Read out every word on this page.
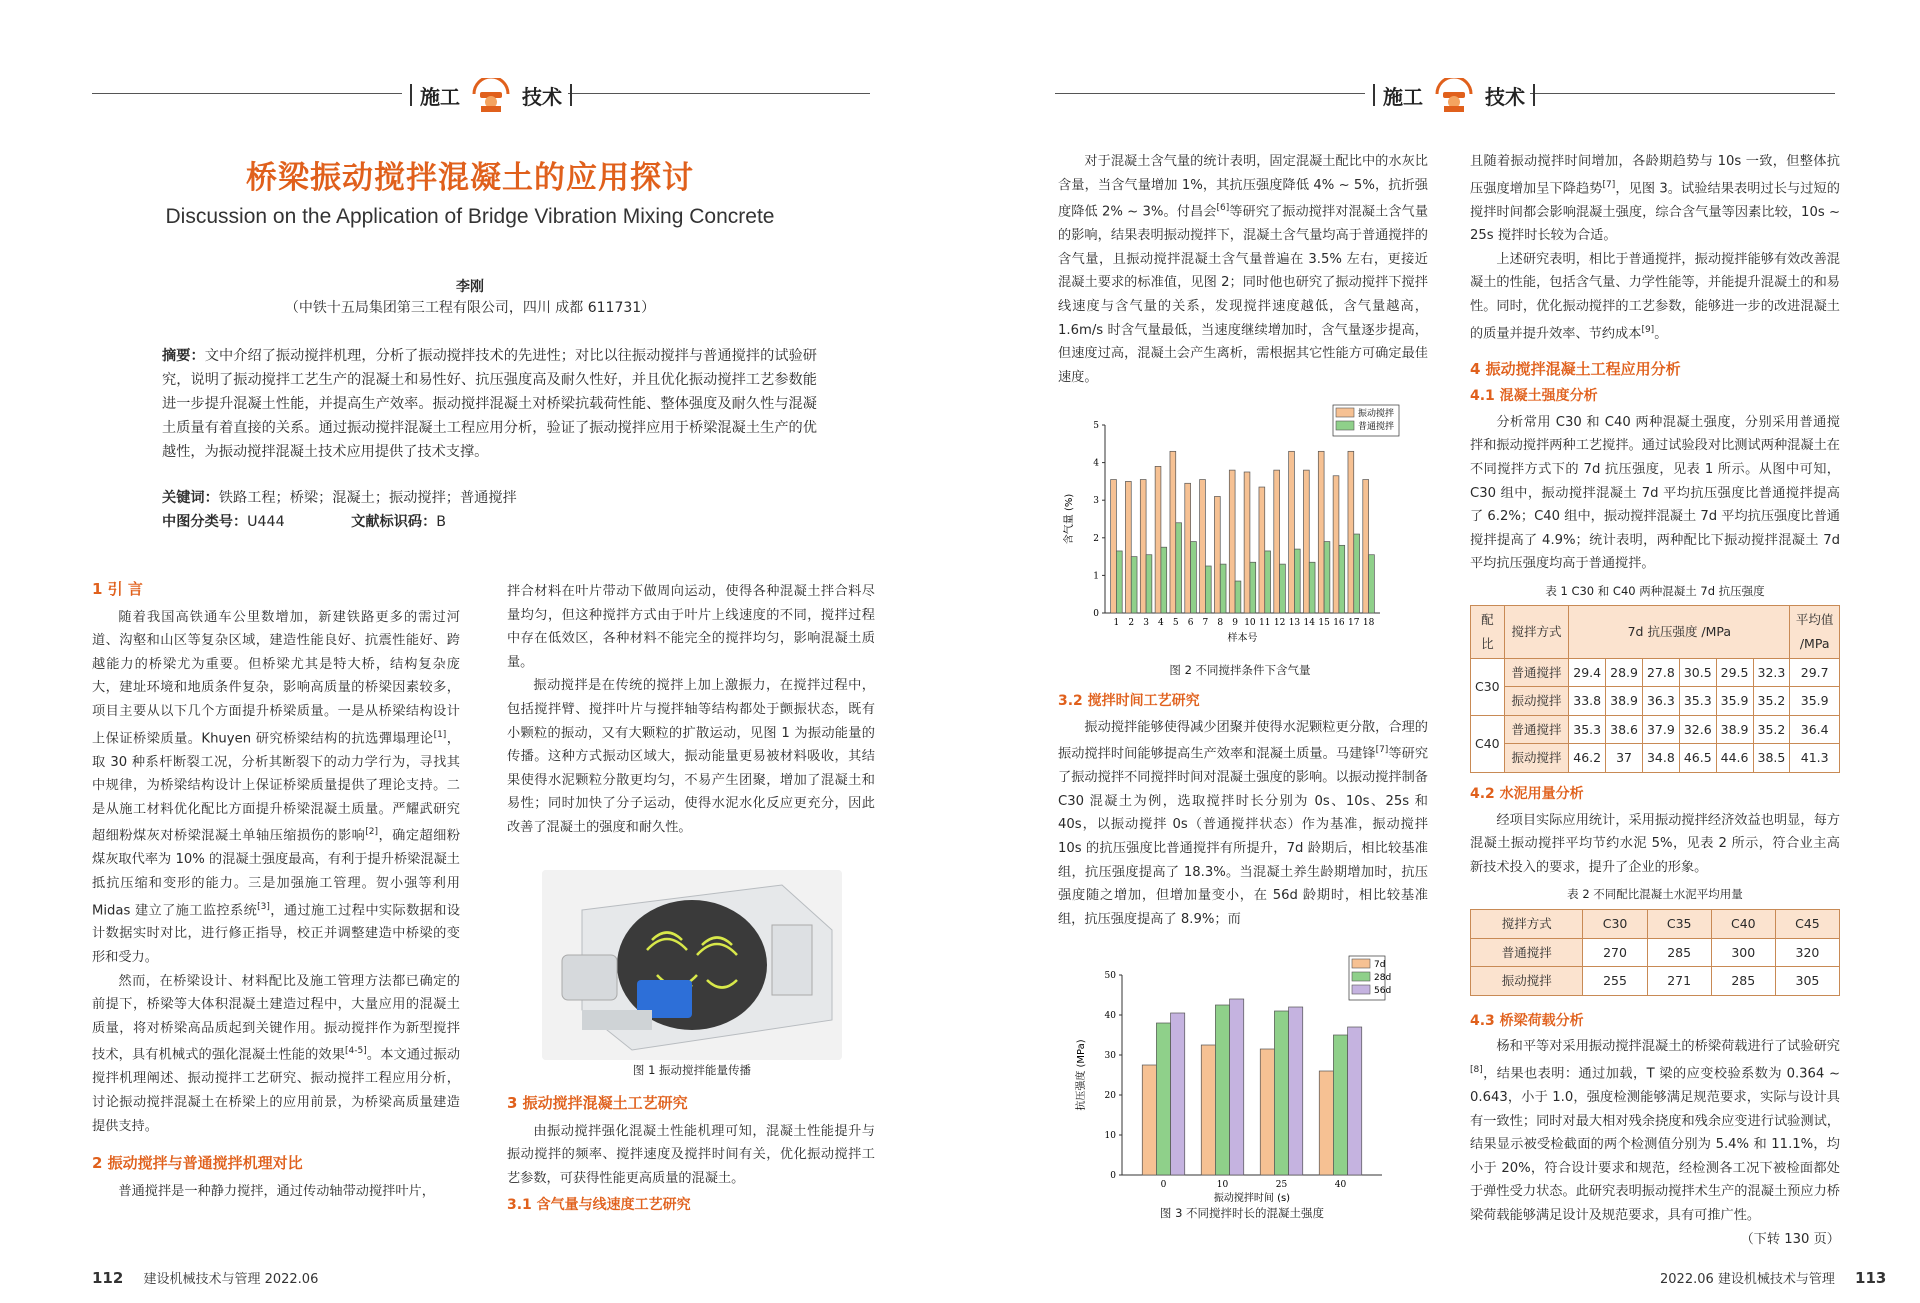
施工	技术	施工	技术
桥梁振动搅拌混凝土的应用探讨
Discussion on the Application of Bridge Vibration Mixing Concrete
李刚
（中铁十五局集团第三工程有限公司，四川 成都 611731）
摘要：文中介绍了振动搅拌机理，分析了振动搅拌技术的先进性；对比以往振动搅拌与普通搅拌的试验研究，说明了振动搅拌工艺生产的混凝土和易性好、抗压强度高及耐久性好，并且优化振动搅拌工艺参数能进一步提升混凝土性能，并提高生产效率。振动搅拌混凝土对桥梁抗载荷性能、整体强度及耐久性与混凝土质量有着直接的关系。通过振动搅拌混凝土工程应用分析，验证了振动搅拌应用于桥梁混凝土生产的优越性，为振动搅拌混凝土技术应用提供了技术支撑。
关键词：铁路工程；桥梁；混凝土；振动搅拌；普通搅拌
中图分类号：U444	文献标识码：B
1 引 言

随着我国高铁通车公里数增加，新建铁路更多的需过河道、沟壑和山区等复杂区域，建造性能良好、抗震性能好、跨越能力的桥梁尤为重要。但桥梁尤其是特大桥，结构复杂庞大，建址环境和地质条件复杂，影响高质量的桥梁因素较多，项目主要从以下几个方面提升桥梁质量。一是从桥梁结构设计上保证桥梁质量。Khuyen 研究桥梁结构的抗选彈塌理论[1]，取 30 种系杆断裂工况，分析其断裂下的动力学行为，寻找其中规律，为桥梁结构设计上保证桥梁质量提供了理论支持。二是从施工材料优化配比方面提升桥梁混凝土质量。严耀武研究超细粉煤灰对桥梁混凝土单轴压缩损伤的影响[2]，确定超细粉煤灰取代率为 10% 的混凝土强度最高，有利于提升桥梁混凝土抵抗压缩和变形的能力。三是加强施工管理。贺小强等利用 Midas 建立了施工监控系统[3]，通过施工过程中实际数据和设计数据实时对比，进行修正指导，校正并调整建造中桥梁的变形和受力。

然而，在桥梁设计、材料配比及施工管理方法都已确定的前提下，桥梁等大体积混凝土建造过程中，大量应用的混凝土质量，将对桥梁高品质起到关键作用。振动搅拌作为新型搅拌技术，具有机械式的强化混凝土性能的效果[4-5]。本文通过振动搅拌机理阐述、振动搅拌工艺研究、振动搅拌工程应用分析，讨论振动搅拌混凝土在桥梁上的应用前景，为桥梁高质量建造提供支持。

2 振动搅拌与普通搅拌机理对比

普通搅拌是一种静力搅拌，通过传动轴带动搅拌叶片，

拌合材料在叶片带动下做周向运动，使得各种混凝土拌合料尽量均匀，但这种搅拌方式由于叶片上线速度的不同，搅拌过程中存在低效区，各种材料不能完全的搅拌均匀，影响混凝土质量。

振动搅拌是在传统的搅拌上加上激振力，在搅拌过程中，包括搅拌臂、搅拌叶片与搅拌轴等结构都处于颤振状态，既有小颗粒的振动，又有大颗粒的扩散运动，见图 1 为振动能量的传播。这种方式振动区域大，振动能量更易被材料吸收，其结果使得水泥颗粒分散更均匀，不易产生团聚，增加了混凝土和易性；同时加快了分子运动，使得水泥水化反应更充分，因此改善了混凝土的强度和耐久性。

图 1 振动搅拌能量传播
3 振动搅拌混凝土工艺研究

由振动搅拌强化混凝土性能机理可知，混凝土性能提升与振动搅拌的频率、搅拌速度及搅拌时间有关，优化振动搅拌工艺参数，可获得性能更高质量的混凝土。

3.1 含气量与线速度工艺研究

对于混凝土含气量的统计表明，固定混凝土配比中的水灰比含量，当含气量增加 1%，其抗压强度降低 4% ~ 5%，抗折强度降低 2% ~ 3%。付昌会[6]等研究了振动搅拌对混凝土含气量的影响，结果表明振动搅拌下，混凝土含气量均高于普通搅拌的含气量，且振动搅拌混凝土含气量普遍在 3.5% 左右，更接近混凝土要求的标准值，见图 2；同时他也研究了振动搅拌下搅拌线速度与含气量的关系，发现搅拌速度越低，含气量越高，1.6m/s 时含气量最低，当速度继续增加时，含气量逐步提高，但速度过高，混凝土会产生离析，需根据其它性能方可确定最佳速度。

0
1
2
3
4
5
1 2 3 4 5 6 7 8 9 10 11 12 13 14 15 16 17 18
样本号
含气量 (%)
振动搅拌
普通搅拌
图 2 不同搅拌条件下含气量
3.2 搅拌时间工艺研究

振动搅拌能够使得减少团聚并使得水泥颗粒更分散，合理的振动搅拌时间能够提高生产效率和混凝土质量。马建锋[7]等研究了振动搅拌不同搅拌时间对混凝土强度的影响。以振动搅拌制备 C30 混凝土为例，选取搅拌时长分别为 0s、10s、25s 和 40s，以振动搅拌 0s（普通搅拌状态）作为基准，振动搅拌 10s 的抗压强度比普通搅拌有所提升，7d 龄期后，相比较基准组，抗压强度提高了 18.3%。当混凝土养生龄期增加时，抗压强度随之增加，但增加量变小，在 56d 龄期时，相比较基准组，抗压强度提高了 8.9%；而

0
10
20
30
40
50
0	10	25	40
振动搅拌时间 (s)
抗压强度 (MPa)
7d
28d
56d
图 3 不同搅拌时长的混凝土强度

且随着振动搅拌时间增加，各龄期趋势与 10s 一致，但整体抗压强度增加呈下降趋势[7]，见图 3。试验结果表明过长与过短的搅拌时间都会影响混凝土强度，综合含气量等因素比较，10s ~ 25s 搅拌时长较为合适。

上述研究表明，相比于普通搅拌，振动搅拌能够有效改善混凝土的性能，包括含气量、力学性能等，并能提升混凝土的和易性。同时，优化振动搅拌的工艺参数，能够进一步的改进混凝土的质量并提升效率、节约成本[9]。

4 振动搅拌混凝土工程应用分析
4.1 混凝土强度分析

分析常用 C30 和 C40 两种混凝土强度，分别采用普通搅拌和振动搅拌两种工艺搅拌。通过试验段对比测试两种混凝土在不同搅拌方式下的 7d 抗压强度，见表 1 所示。从图中可知，C30 组中，振动搅拌混凝土 7d 平均抗压强度比普通搅拌提高了 6.2%；C40 组中，振动搅拌混凝土 7d 平均抗压强度比普通搅拌提高了 4.9%；统计表明，两种配比下振动搅拌混凝土 7d 平均抗压强度均高于普通搅拌。

表 1 C30 和 C40 两种混凝土 7d 抗压强度
配比	搅拌方式	7d 抗压强度 /MPa						平均值 /MPa
C30	普通搅拌	29.4	28.9	27.8	30.5	29.5	32.3	29.7
	振动搅拌	33.8	38.9	36.3	35.3	35.9	35.2	35.9
C40	普通搅拌	35.3	38.6	37.9	32.6	38.9	35.2	36.4
	振动搅拌	46.2	37	34.8	46.5	44.6	38.5	41.3
4.2 水泥用量分析

经项目实际应用统计，采用振动搅拌经济效益也明显，每方混凝土振动搅拌平均节约水泥 5%，见表 2 所示，符合业主高新技术投入的要求，提升了企业的形象。

表 2 不同配比混凝土水泥平均用量
搅拌方式	C30	C35	C40	C45
普通搅拌	270	285	300	320
振动搅拌	255	271	285	305
4.3 桥梁荷载分析

杨和平等对采用振动搅拌混凝土的桥梁荷载进行了试验研究[8]，结果也表明：通过加载，T 梁的应变校验系数为 0.364 ~ 0.643，小于 1.0，强度检测能够满足规范要求，实际与设计具有一致性；同时对最大相对残余挠度和残余应变进行试验测试，结果显示被受检截面的两个检测值分别为 5.4% 和 11.1%，均小于 20%，符合设计要求和规范，经检测各工况下被检面都处于弹性受力状态。此研究表明振动搅拌术生产的混凝土预应力桥梁荷载能够满足设计及规范要求，具有可推广性。
（下转 130 页）

112 建设机械技术与管理 2022.06	2022.06 建设机械技术与管理 113
